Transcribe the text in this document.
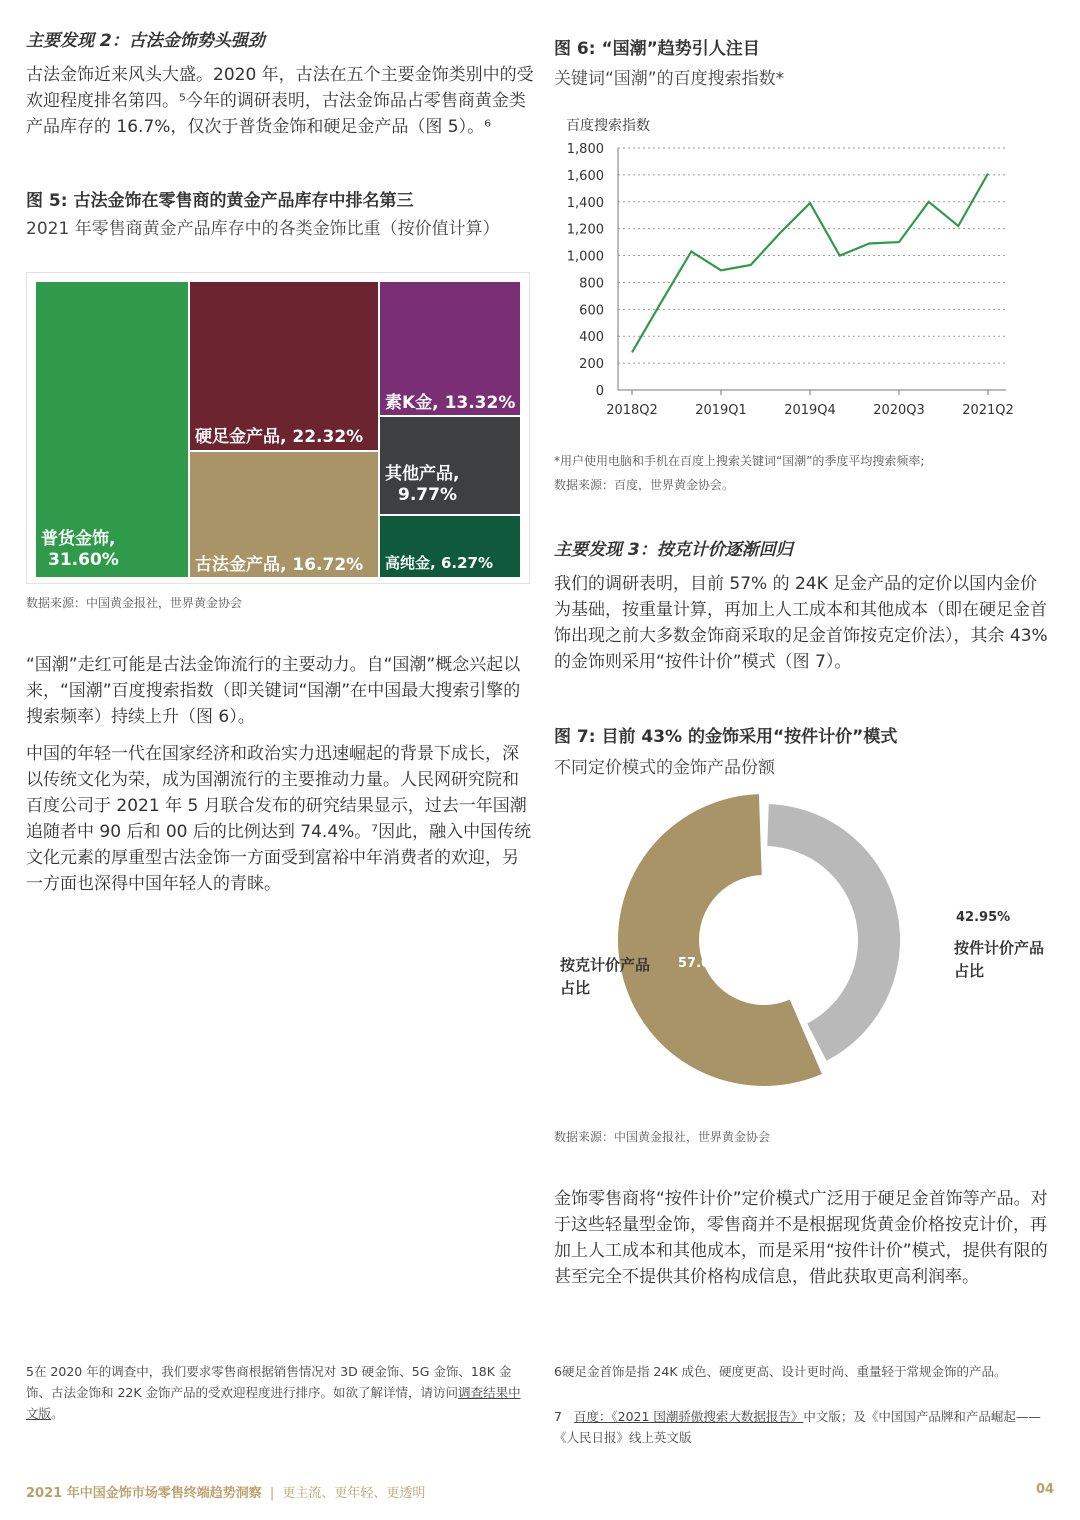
主要发现 2：古法金饰势头强劲
古法金饰近来风头大盛。2020 年，古法在五个主要金饰类别中的受欢迎程度排名第四。⁵今年的调研表明，古法金饰品占零售商黄金类产品库存的 16.7%，仅次于普货金饰和硬足金产品（图 5）。⁶
图 5: 古法金饰在零售商的黄金产品库存中排名第三
2021 年零售商黄金产品库存中的各类金饰比重（按价值计算）
普货金饰,
31.60%
硬足金产品, 22.32%
古法金产品, 16.72%
素K金, 13.32%
其他产品,
9.77%
高纯金, 6.27%
数据来源：中国黄金报社，世界黄金协会
“国潮”走红可能是古法金饰流行的主要动力。自“国潮”概念兴起以来，“国潮”百度搜索指数（即关键词“国潮”在中国最大搜索引擎的搜索频率）持续上升（图 6）。
中国的年轻一代在国家经济和政治实力迅速崛起的背景下成长，深以传统文化为荣，成为国潮流行的主要推动力量。人民网研究院和百度公司于 2021 年 5 月联合发布的研究结果显示，过去一年国潮追随者中 90 后和 00 后的比例达到 74.4%。⁷因此，融入中国传统文化元素的厚重型古法金饰一方面受到富裕中年消费者的欢迎，另一方面也深得中国年轻人的青睐。
5在 2020 年的调查中，我们要求零售商根据销售情况对 3D 硬金饰、5G 金饰、18K 金饰、古法金饰和 22K 金饰产品的受欢迎程度进行排序。如欲了解详情，请访问调查结果中文版。
图 6: “国潮”趋势引人注目
关键词“国潮”的百度搜索指数*
百度搜索指数
0
200
400
600
800
1,000
1,200
1,400
1,600
1,800
2018Q2	2019Q1	2019Q4	2020Q3	2021Q2
*用户使用电脑和手机在百度上搜索关键词“国潮”的季度平均搜索频率;
数据来源：百度，世界黄金协会。
主要发现 3：按克计价逐渐回归
我们的调研表明，目前 57% 的 24K 足金产品的定价以国内金价为基础，按重量计算，再加上人工成本和其他成本（即在硬足金首饰出现之前大多数金饰商采取的足金首饰按克定价法），其余 43% 的金饰则采用“按件计价”模式（图 7）。
图 7: 目前 43% 的金饰采用“按件计价”模式
不同定价模式的金饰产品份额
57.05%
42.95%
按克计价产品占比
按件计价产品占比
数据来源：中国黄金报社，世界黄金协会
金饰零售商将“按件计价”定价模式广泛用于硬足金首饰等产品。对于这些轻量型金饰，零售商并不是根据现货黄金价格按克计价，再加上人工成本和其他成本，而是采用“按件计价”模式，提供有限的甚至完全不提供其价格构成信息，借此获取更高利润率。
6硬足金首饰是指 24K 成色、硬度更高、设计更时尚、重量轻于常规金饰的产品。
7 百度：《2021 国潮骄傲搜索大数据报告》中文版；及《中国国产品牌和产品崛起——《人民日报》线上英文版
2021 年中国金饰市场零售终端趋势洞察 | 更主流、更年轻、更透明	04
